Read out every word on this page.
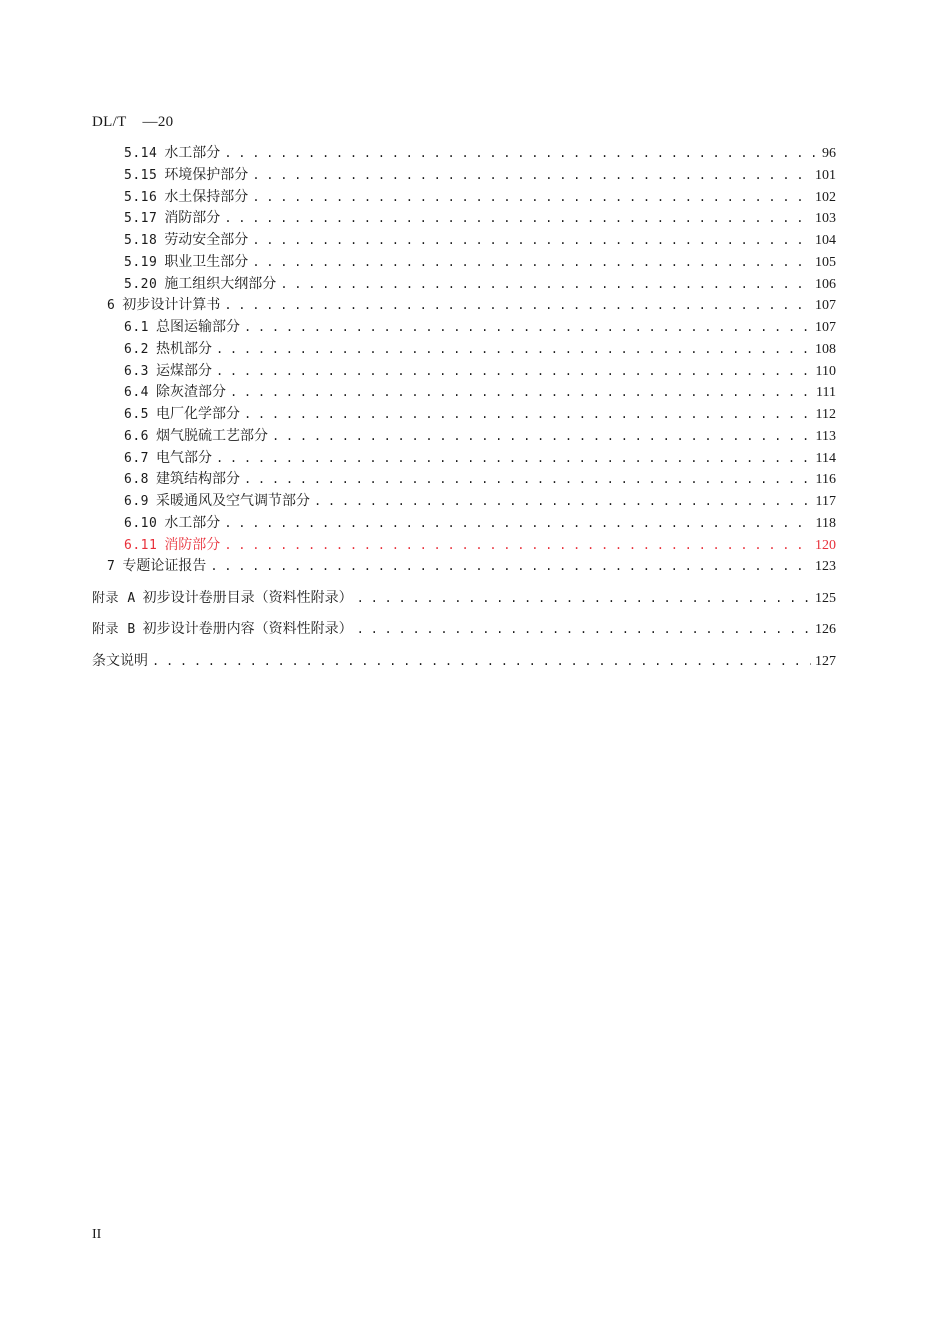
DL/T —20
5.14 水工部分 . . .	96
5.15 环境保护部分 . . .	101
5.16 水土保持部分 . . .	102
5.17 消防部分 . . .	103
5.18 劳动安全部分 . . .	104
5.19 职业卫生部分 . . .	105
5.20 施工组织大纲部分 . . .	106
6 初步设计计算书 . . .	107
6.1 总图运输部分 . . .	107
6.2 热机部分 . . .	108
6.3 运煤部分 . . .	110
6.4 除灰渣部分 . . .	111
6.5 电厂化学部分 . . .	112
6.6 烟气脱硫工艺部分 . . .	113
6.7 电气部分 . . .	114
6.8 建筑结构部分 . . .	116
6.9 采暖通风及空气调节部分 . . .	117
6.10 水工部分 . . .	118
6.11 消防部分 . . .	120
7 专题论证报告 . . .	123
附录 A 初步设计卷册目录（资料性附录） . . .	125
附录 B 初步设计卷册内容（资料性附录） . . .	126
条文说明 . . .	127
II
